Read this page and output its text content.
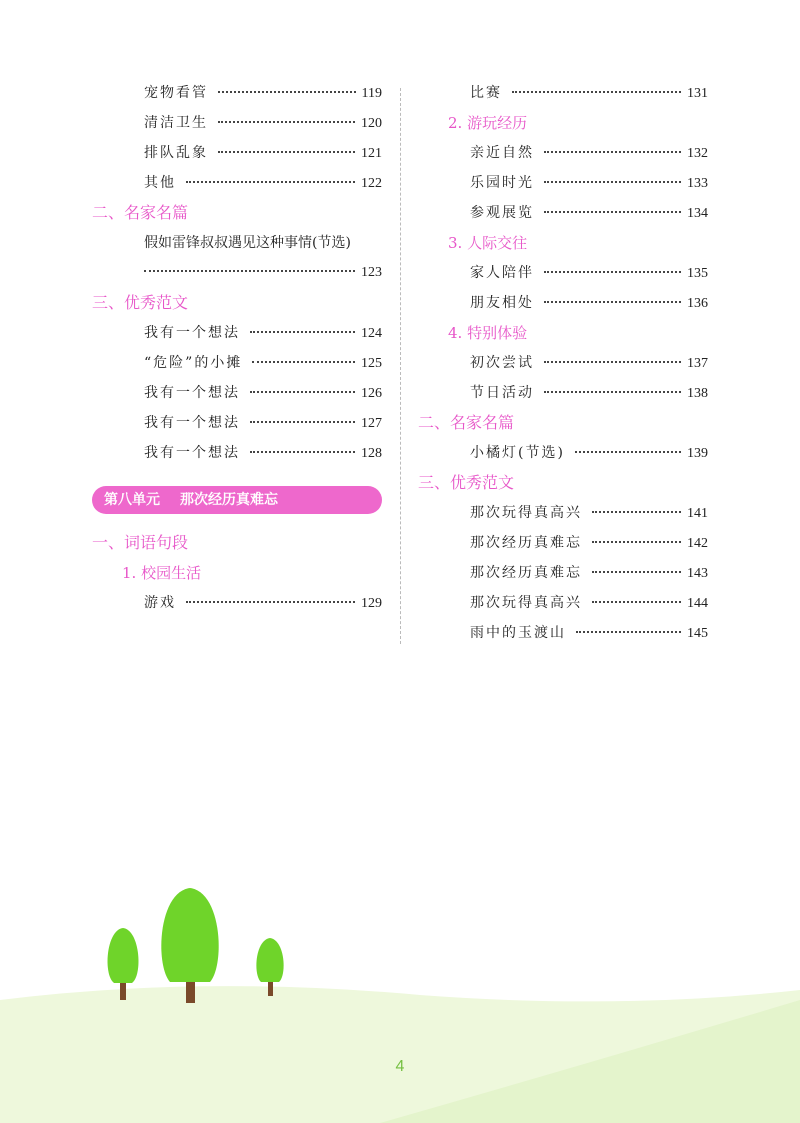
宠物看管	119
清洁卫生	120
排队乱象	121
其他	122
二、名家名篇
假如雷锋叔叔遇见这种事情(节选)
123
三、优秀范文
我有一个想法	124
“危险”的小摊	125
我有一个想法	126
我有一个想法	127
我有一个想法	128
第八单元 那次经历真难忘
一、词语句段
1. 校园生活
游戏	129
比赛	131
2. 游玩经历
亲近自然	132
乐园时光	133
参观展览	134
3. 人际交往
家人陪伴	135
朋友相处	136
4. 特别体验
初次尝试	137
节日活动	138
二、名家名篇
小橘灯(节选)	139
三、优秀范文
那次玩得真高兴	141
那次经历真难忘	142
那次经历真难忘	143
那次玩得真高兴	144
雨中的玉渡山	145
4
